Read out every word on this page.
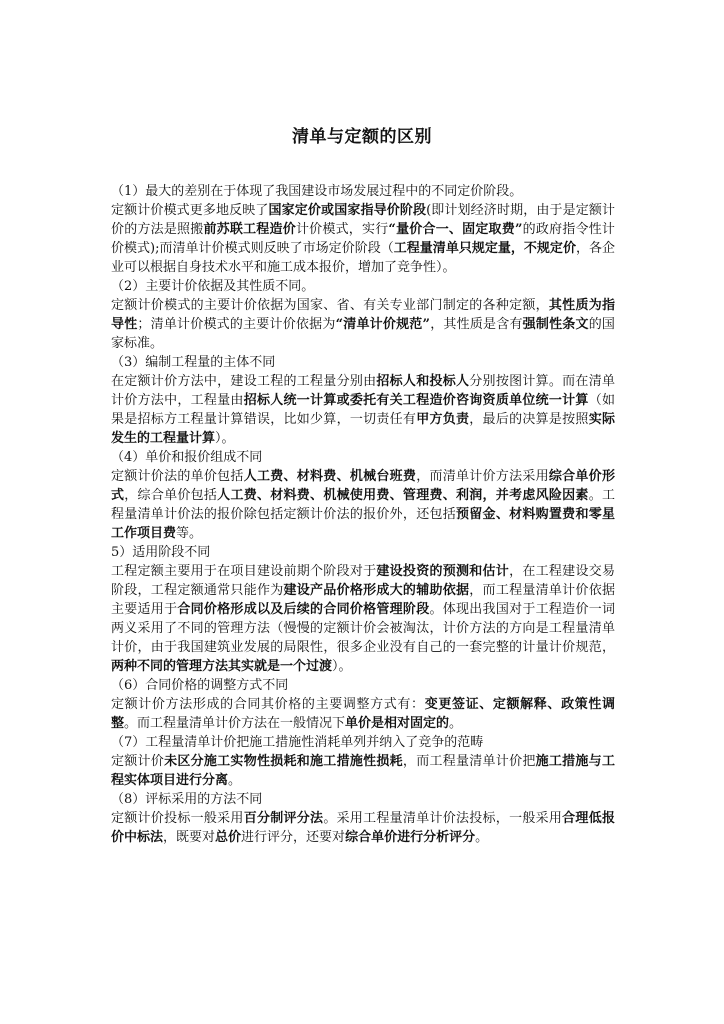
清单与定额的区别

（1）最大的差别在于体现了我国建设市场发展过程中的不同定价阶段。

定额计价模式更多地反映了国家定价或国家指导价阶段(即计划经济时期，由于是定额计价的方法是照搬前苏联工程造价计价模式，实行“量价合一、固定取费”的政府指令性计价模式);而清单计价模式则反映了市场定价阶段（工程量清单只规定量，不规定价，各企业可以根据自身技术水平和施工成本报价，增加了竞争性）。

（2）主要计价依据及其性质不同。

定额计价模式的主要计价依据为国家、省、有关专业部门制定的各种定额，其性质为指导性；清单计价模式的主要计价依据为“清单计价规范”，其性质是含有强制性条文的国家标准。

（3）编制工程量的主体不同

在定额计价方法中，建设工程的工程量分别由招标人和投标人分别按图计算。而在清单计价方法中，工程量由招标人统一计算或委托有关工程造价咨询资质单位统一计算（如果是招标方工程量计算错误，比如少算，一切责任有甲方负责，最后的决算是按照实际发生的工程量计算）。

（4）单价和报价组成不同

定额计价法的单价包括人工费、材料费、机械台班费，而清单计价方法采用综合单价形式，综合单价包括人工费、材料费、机械使用费、管理费、利润，并考虑风险因素。工程量清单计价法的报价除包括定额计价法的报价外，还包括预留金、材料购置费和零星工作项目费等。

5）适用阶段不同

工程定额主要用于在项目建设前期个阶段对于建设投资的预测和估计，在工程建设交易阶段，工程定额通常只能作为建设产品价格形成大的辅助依据，而工程量清单计价依据主要适用于合同价格形成以及后续的合同价格管理阶段。体现出我国对于工程造价一词两义采用了不同的管理方法（慢慢的定额计价会被淘汰，计价方法的方向是工程量清单计价，由于我国建筑业发展的局限性，很多企业没有自己的一套完整的计量计价规范，两种不同的管理方法其实就是一个过渡）。

（6）合同价格的调整方式不同

定额计价方法形成的合同其价格的主要调整方式有：变更签证、定额解释、政策性调整。而工程量清单计价方法在一般情况下单价是相对固定的。

（7）工程量清单计价把施工措施性消耗单列并纳入了竞争的范畴

定额计价未区分施工实物性损耗和施工措施性损耗，而工程量清单计价把施工措施与工程实体项目进行分离。

（8）评标采用的方法不同

定额计价投标一般采用百分制评分法。采用工程量清单计价法投标，一般采用合理低报价中标法，既要对总价进行评分，还要对综合单价进行分析评分。
